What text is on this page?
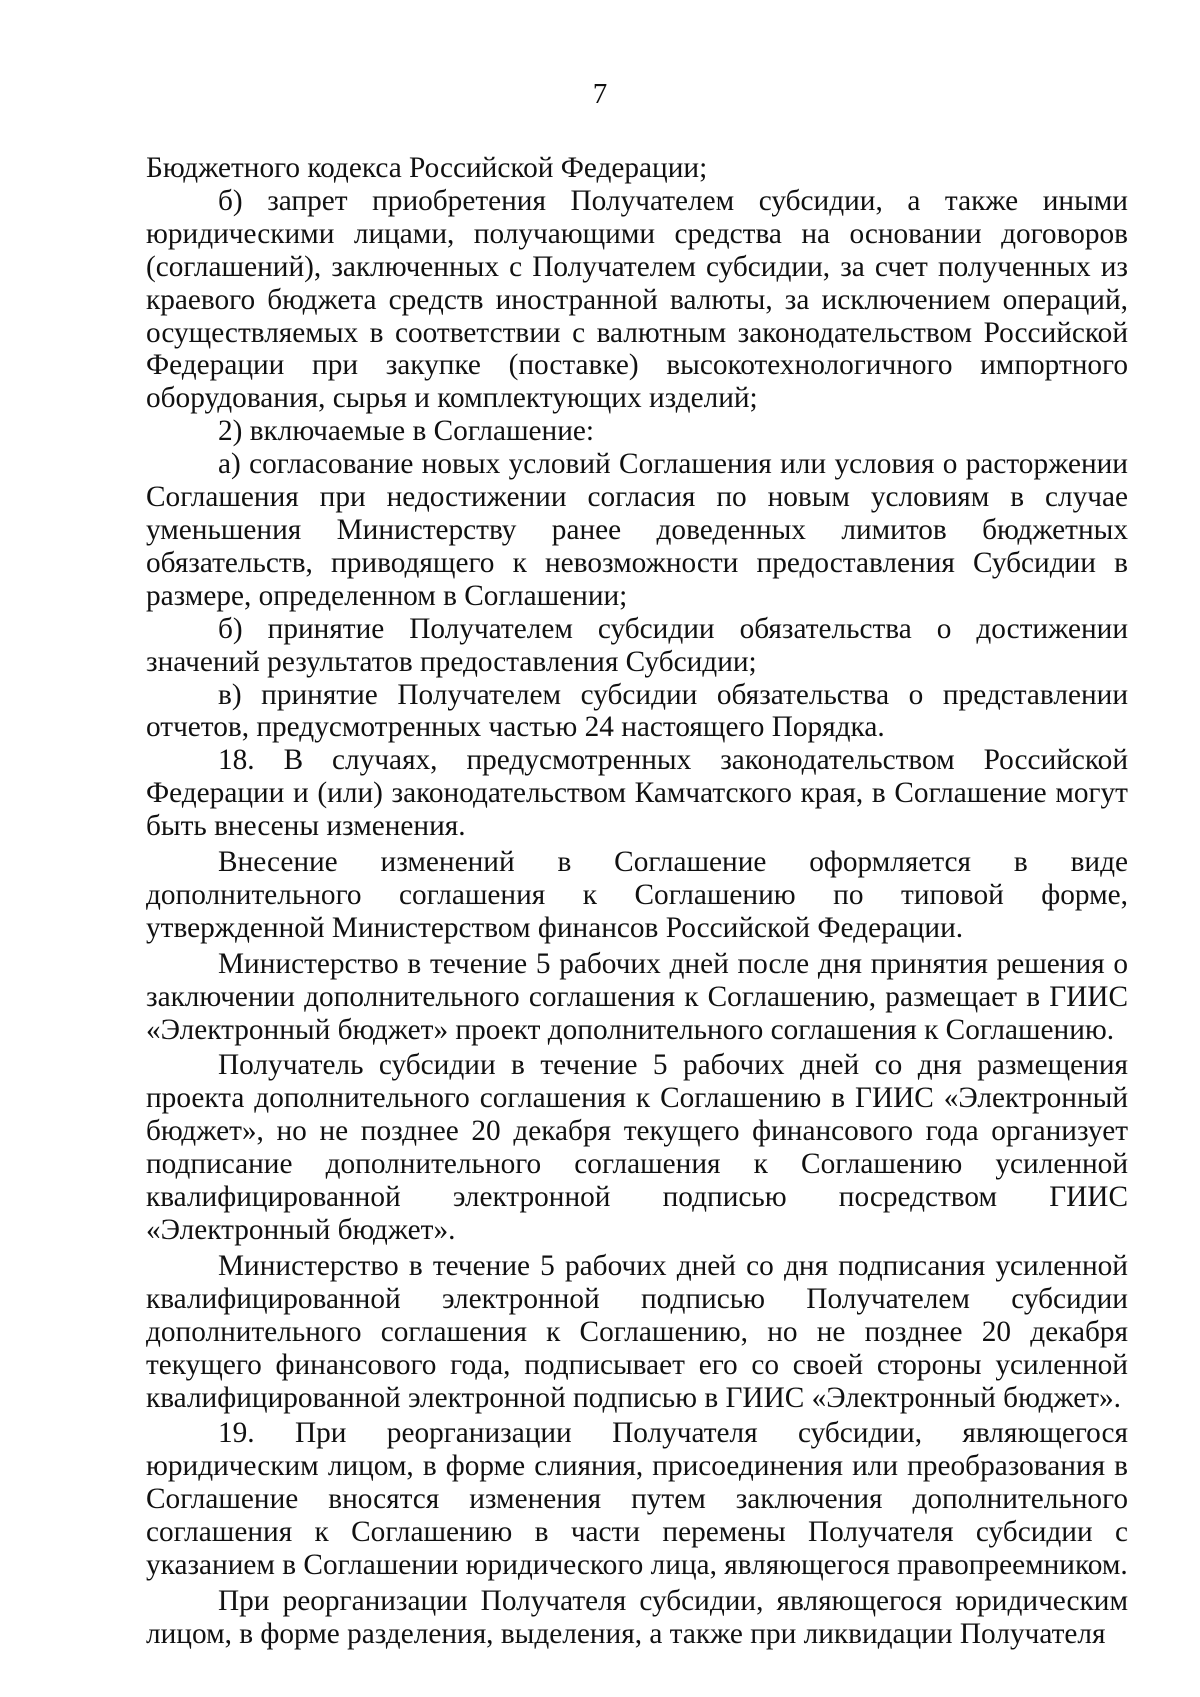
7

Бюджетного кодекса Российской Федерации;

б) запрет приобретения Получателем субсидии, а также иными юридическими лицами, получающими средства на основании договоров (соглашений), заключенных с Получателем субсидии, за счет полученных из краевого бюджета средств иностранной валюты, за исключением операций, осуществляемых в соответствии с валютным законодательством Российской Федерации при закупке (поставке) высокотехнологичного импортного оборудования, сырья и комплектующих изделий;

2) включаемые в Соглашение:

а) согласование новых условий Соглашения или условия о расторжении Соглашения при недостижении согласия по новым условиям в случае уменьшения Министерству ранее доведенных лимитов бюджетных обязательств, приводящего к невозможности предоставления Субсидии в размере, определенном в Соглашении;

б) принятие Получателем субсидии обязательства о достижении значений результатов предоставления Субсидии;

в) принятие Получателем субсидии обязательства о представлении отчетов, предусмотренных частью 24 настоящего Порядка.

18. В случаях, предусмотренных законодательством Российской Федерации и (или) законодательством Камчатского края, в Соглашение могут быть внесены изменения.

Внесение изменений в Соглашение оформляется в виде дополнительного соглашения к Соглашению по типовой форме, утвержденной Министерством финансов Российской Федерации.

Министерство в течение 5 рабочих дней после дня принятия решения о заключении дополнительного соглашения к Соглашению, размещает в ГИИС «Электронный бюджет» проект дополнительного соглашения к Соглашению.

Получатель субсидии в течение 5 рабочих дней со дня размещения проекта дополнительного соглашения к Соглашению в ГИИС «Электронный бюджет», но не позднее 20 декабря текущего финансового года организует подписание дополнительного соглашения к Соглашению усиленной квалифицированной электронной подписью посредством ГИИС «Электронный бюджет».

Министерство в течение 5 рабочих дней со дня подписания усиленной квалифицированной электронной подписью Получателем субсидии дополнительного соглашения к Соглашению, но не позднее 20 декабря текущего финансового года, подписывает его со своей стороны усиленной квалифицированной электронной подписью в ГИИС «Электронный бюджет».

19. При реорганизации Получателя субсидии, являющегося юридическим лицом, в форме слияния, присоединения или преобразования в Соглашение вносятся изменения путем заключения дополнительного соглашения к Соглашению в части перемены Получателя субсидии с указанием в Соглашении юридического лица, являющегося правопреемником.

При реорганизации Получателя субсидии, являющегося юридическим лицом, в форме разделения, выделения, а также при ликвидации Получателя
